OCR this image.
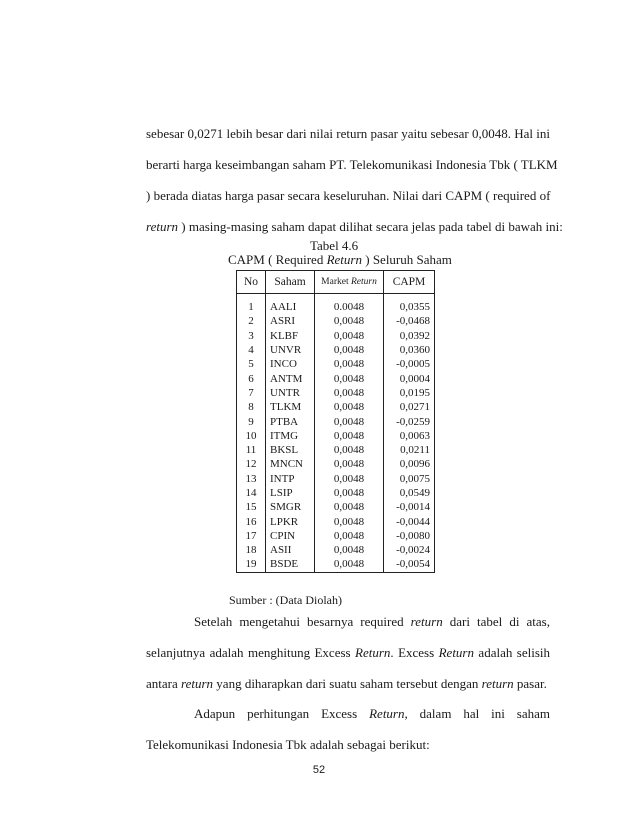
sebesar 0,0271 lebih besar dari nilai return pasar yaitu sebesar 0,0048. Hal ini
berarti harga keseimbangan saham PT. Telekomunikasi Indonesia Tbk ( TLKM
) berada diatas harga pasar secara keseluruhan. Nilai dari CAPM ( required of
return ) masing-masing saham dapat dilihat secara jelas pada tabel di bawah ini:
Tabel 4.6
CAPM ( Required Return ) Seluruh Saham
No	Saham	Market Return	CAPM

1	AALI	0.0048	0,0355
2	ASRI	0,0048	-0,0468
3	KLBF	0,0048	0,0392
4	UNVR	0,0048	0,0360
5	INCO	0,0048	-0,0005
6	ANTM	0,0048	0,0004
7	UNTR	0,0048	0,0195
8	TLKM	0,0048	0,0271
9	PTBA	0,0048	-0,0259
10	ITMG	0,0048	0,0063
11	BKSL	0,0048	0,0211
12	MNCN	0,0048	0,0096
13	INTP	0,0048	0,0075
14	LSIP	0,0048	0,0549
15	SMGR	0,0048	-0,0014
16	LPKR	0,0048	-0,0044
17	CPIN	0,0048	-0,0080
18	ASII	0,0048	-0,0024
19	BSDE	0,0048	-0,0054
Sumber : (Data Diolah)
Setelah mengetahui besarnya required return dari tabel di atas,
selanjutnya adalah menghitung Excess Return. Excess Return adalah selisih
antara return yang diharapkan dari suatu saham tersebut dengan return pasar.
Adapun perhitungan Excess Return, dalam hal ini saham
Telekomunikasi Indonesia Tbk adalah sebagai berikut:
52
